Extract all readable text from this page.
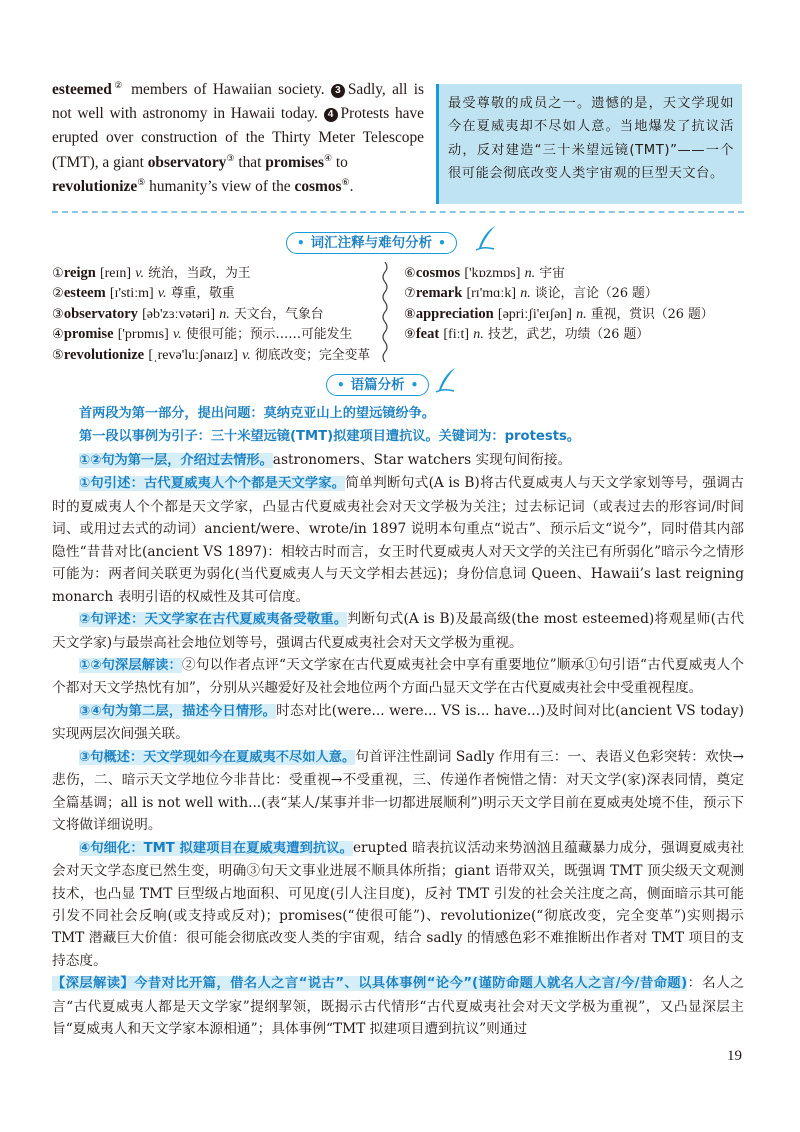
esteemed② members of Hawaiian society. 3 Sadly, all is not well with astronomy in Hawaii today. 4 Protests have erupted over construction of the Thirty Meter Telescope (TMT), a giant observatory③ that promises④ to
revolutionize⑤ humanity’s view of the cosmos⑥.
最受尊敬的成员之一。遗憾的是，天文学现如今在夏威夷却不尽如人意。当地爆发了抗议活动，反对建造“三十米望远镜(TMT)”——一个很可能会彻底改变人类宇宙观的巨型天文台。
• 词汇注释与难句分析 •
①reign [reɪn] v. 统治，当政，为王
②esteem [ɪ'stiːm] v. 尊重，敬重
③observatory [əb'zɜːvətəri] n. 天文台，气象台
④promise ['prɒmɪs] v. 使很可能；预示……可能发生
⑤revolutionize [ˌrevə'luːʃənaɪz] v. 彻底改变；完全变革
⑥cosmos ['kɒzmɒs] n. 宇宙
⑦remark [rɪ'mɑːk] n. 谈论，言论（26 题）
⑧appreciation [əpriːʃi'eɪʃən] n. 重视，赏识（26 题）
⑨feat [fiːt] n. 技艺，武艺，功绩（26 题）
• 语篇分析 •

首两段为第一部分，提出问题：莫纳克亚山上的望远镜纷争。

第一段以事例为引子：三十米望远镜(TMT)拟建项目遭抗议。关键词为：protests。

①②句为第一层，介绍过去情形。astronomers、Star watchers 实现句间衔接。

①句引述：古代夏威夷人个个都是天文学家。简单判断句式(A is B)将古代夏威夷人与天文学家划等号，强调古时的夏威夷人个个都是天文学家，凸显古代夏威夷社会对天文学极为关注；过去标记词（或表过去的形容词/时间词、或用过去式的动词）ancient/were、wrote/in 1897 说明本句重点“说古”、预示后文“说今”，同时借其内部隐性“昔昔对比(ancient VS 1897)：相较古时而言，女王时代夏威夷人对天文学的关注已有所弱化”暗示今之情形可能为：两者间关联更为弱化(当代夏威夷人与天文学相去甚远)；身份信息词 Queen、Hawaii’s last reigning monarch 表明引语的权威性及其可信度。

②句评述：天文学家在古代夏威夷备受敬重。判断句式(A is B)及最高级(the most esteemed)将观星师(古代天文学家)与最崇高社会地位划等号，强调古代夏威夷社会对天文学极为重视。

①②句深层解读：②句以作者点评“天文学家在古代夏威夷社会中享有重要地位”顺承①句引语“古代夏威夷人个个都对天文学热忱有加”，分别从兴趣爱好及社会地位两个方面凸显天文学在古代夏威夷社会中受重视程度。

③④句为第二层，描述今日情形。时态对比(were... were... VS is... have...)及时间对比(ancient VS today)实现两层次间强关联。

③句概述：天文学现如今在夏威夷不尽如人意。句首评注性副词 Sadly 作用有三：一、表语义色彩突转：欢快→悲伤，二、暗示天文学地位今非昔比：受重视→不受重视，三、传递作者惋惜之情：对天文学(家)深表同情，奠定全篇基调；all is not well with...(表“某人/某事并非一切都进展顺利”)明示天文学目前在夏威夷处境不佳，预示下文将做详细说明。

④句细化：TMT 拟建项目在夏威夷遭到抗议。erupted 暗表抗议活动来势汹汹且蕴藏暴力成分，强调夏威夷社会对天文学态度已然生变，明确③句天文事业进展不顺具体所指；giant 语带双关，既强调 TMT 顶尖级天文观测技术，也凸显 TMT 巨型级占地面积、可见度(引人注目度)，反衬 TMT 引发的社会关注度之高，侧面暗示其可能引发不同社会反响(或支持或反对)；promises(“使很可能”)、revolutionize(“彻底改变，完全变革”)实则揭示 TMT 潜藏巨大价值：很可能会彻底改变人类的宇宙观，结合 sadly 的情感色彩不难推断出作者对 TMT 项目的支持态度。

【深层解读】今昔对比开篇，借名人之言“说古”、以具体事例“论今”(谨防命题人就名人之言/今/昔命题)：名人之言“古代夏威夷人都是天文学家”提纲挈领，既揭示古代情形“古代夏威夷社会对天文学极为重视”，又凸显深层主旨“夏威夷人和天文学家本源相通”；具体事例“TMT 拟建项目遭到抗议”则通过

19
